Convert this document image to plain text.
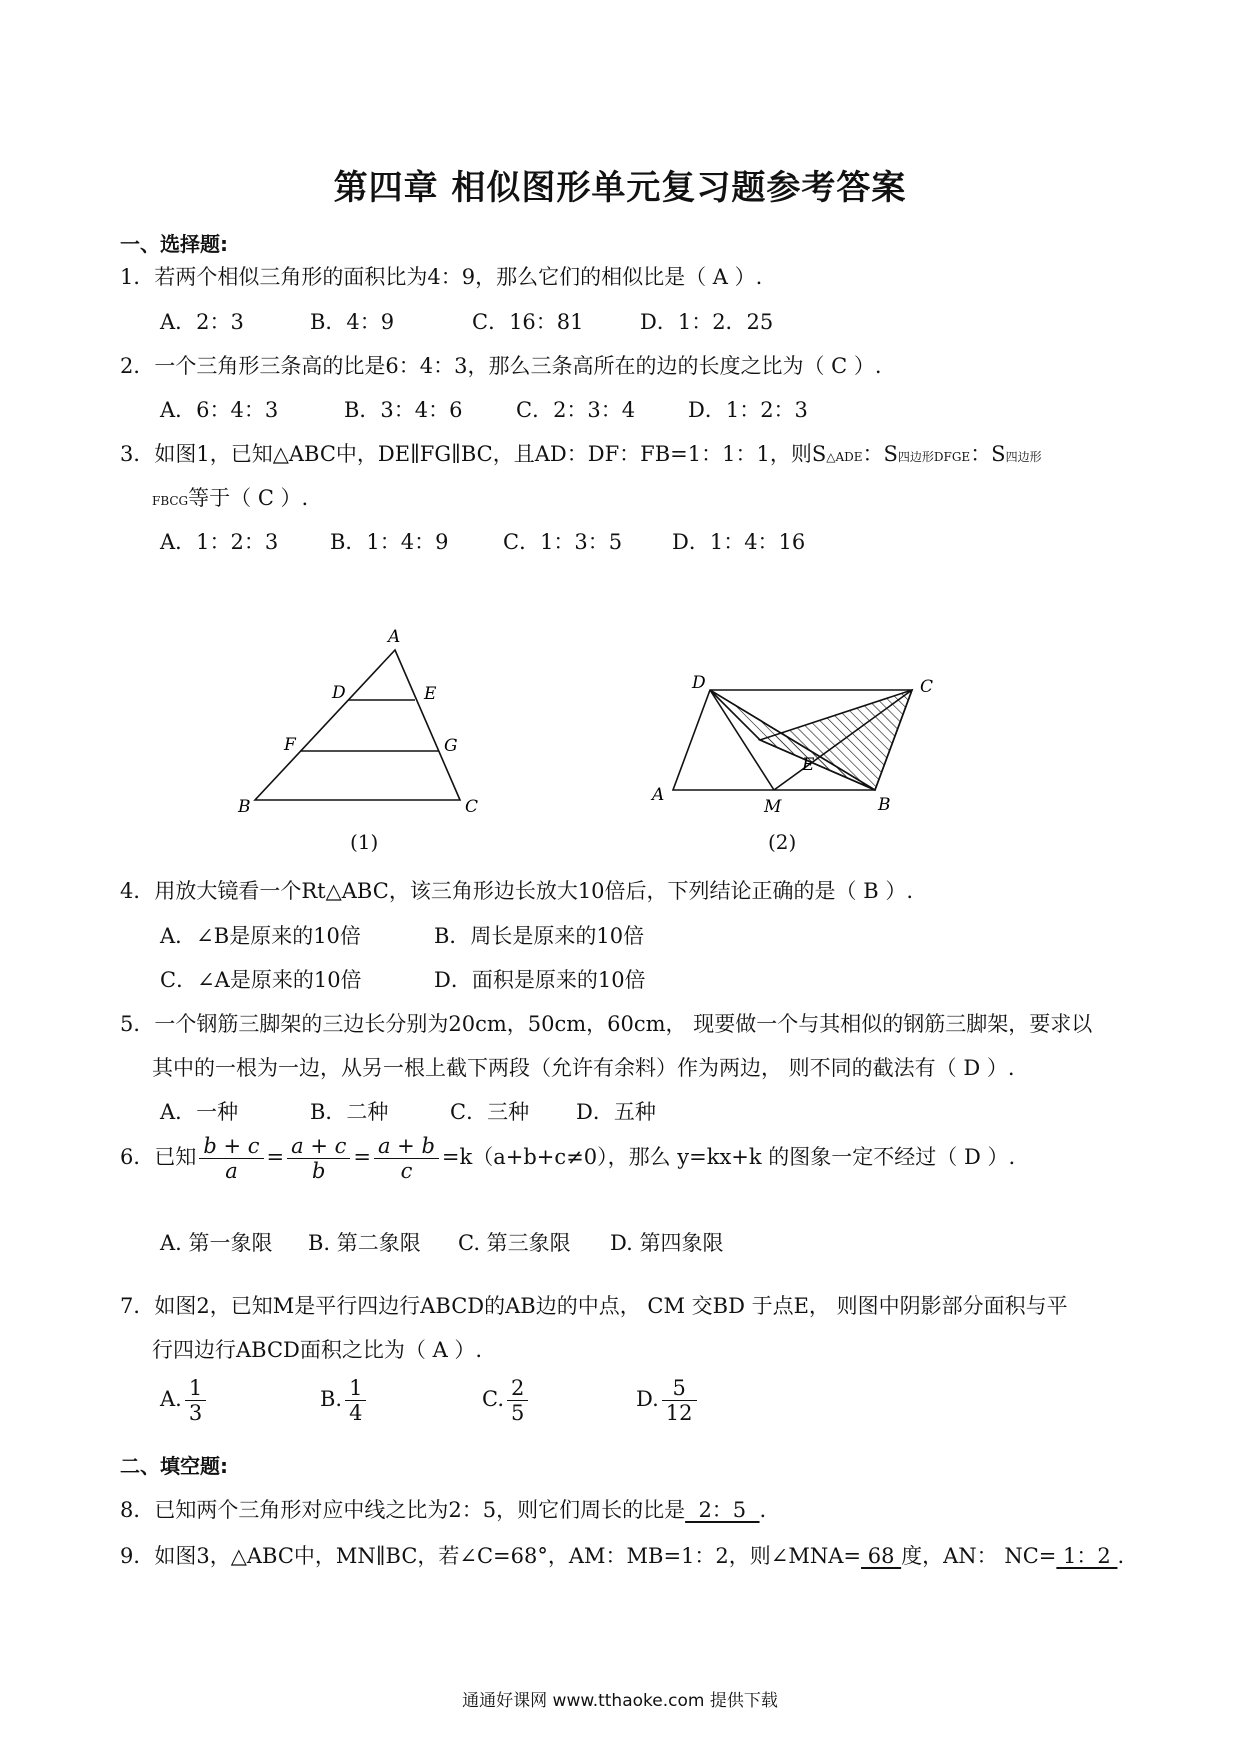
第四章 相似图形单元复习题参考答案
一、选择题:
1．若两个相似三角形的面积比为4：9，那么它们的相似比是（ A ）.
A．2：3	B．4：9	C．16：81	D．1：2．25
2．一个三角形三条高的比是6：4：3，那么三条高所在的边的长度之比为（ C ）.
A．6：4：3	B．3：4：6	C．2：3：4	D．1：2：3
3．如图1，已知△ABC中，DE∥FG∥BC，且AD：DF：FB=1：1：1，则S△ADE：S四边形DFGE：S四边形
FBCG等于（ C ）.
A．1：2：3 B．1：4：9	C．1：3：5 D．1：4：16
A
B	C
D	E
F	G
(1)
D	C
E
A
M	B
(2)
4．用放大镜看一个Rt△ABC，该三角形边长放大10倍后，下列结论正确的是（ B ）.
A．∠B是原来的10倍	B．周长是原来的10倍
C．∠A是原来的10倍	D．面积是原来的10倍
5．一个钢筋三脚架的三边长分别为20cm，50cm，60cm， 现要做一个与其相似的钢筋三脚架，要求以
其中的一根为一边，从另一根上截下两段（允许有余料）作为两边， 则不同的截法有（ D ）.
A．一种	B．二种	C．三种 D．五种
6．已知 $\frac{b + c}{a} = \frac{a + c}{b} = \frac{a + b}{c} =k(a+b+c\ne 0)$，那么 y=kx+k 的图象一定不经过（ D ）.
A. 第一象限 B. 第二象限 C. 第三象限 D. 第四象限
7．如图2，已知M是平行四边行ABCD的AB边的中点， CM 交BD 于点E， 则图中阴影部分面积与平
行四边行ABCD面积之比为（ A ）.
A. $\frac{1}{3}$	B. $\frac{1}{4}$	C. $\frac{2}{5}$	D. $\frac{5}{12}$
二、填空题:
8．已知两个三角形对应中线之比为2：5，则它们周长的比是  2：5  .
9．如图3，△ABC中，MN∥BC，若∠C=68°，AM：MB=1：2，则∠MNA= 68 度，AN： NC= 1：2 .
通通好课网 www.tthaoke.com 提供下载
